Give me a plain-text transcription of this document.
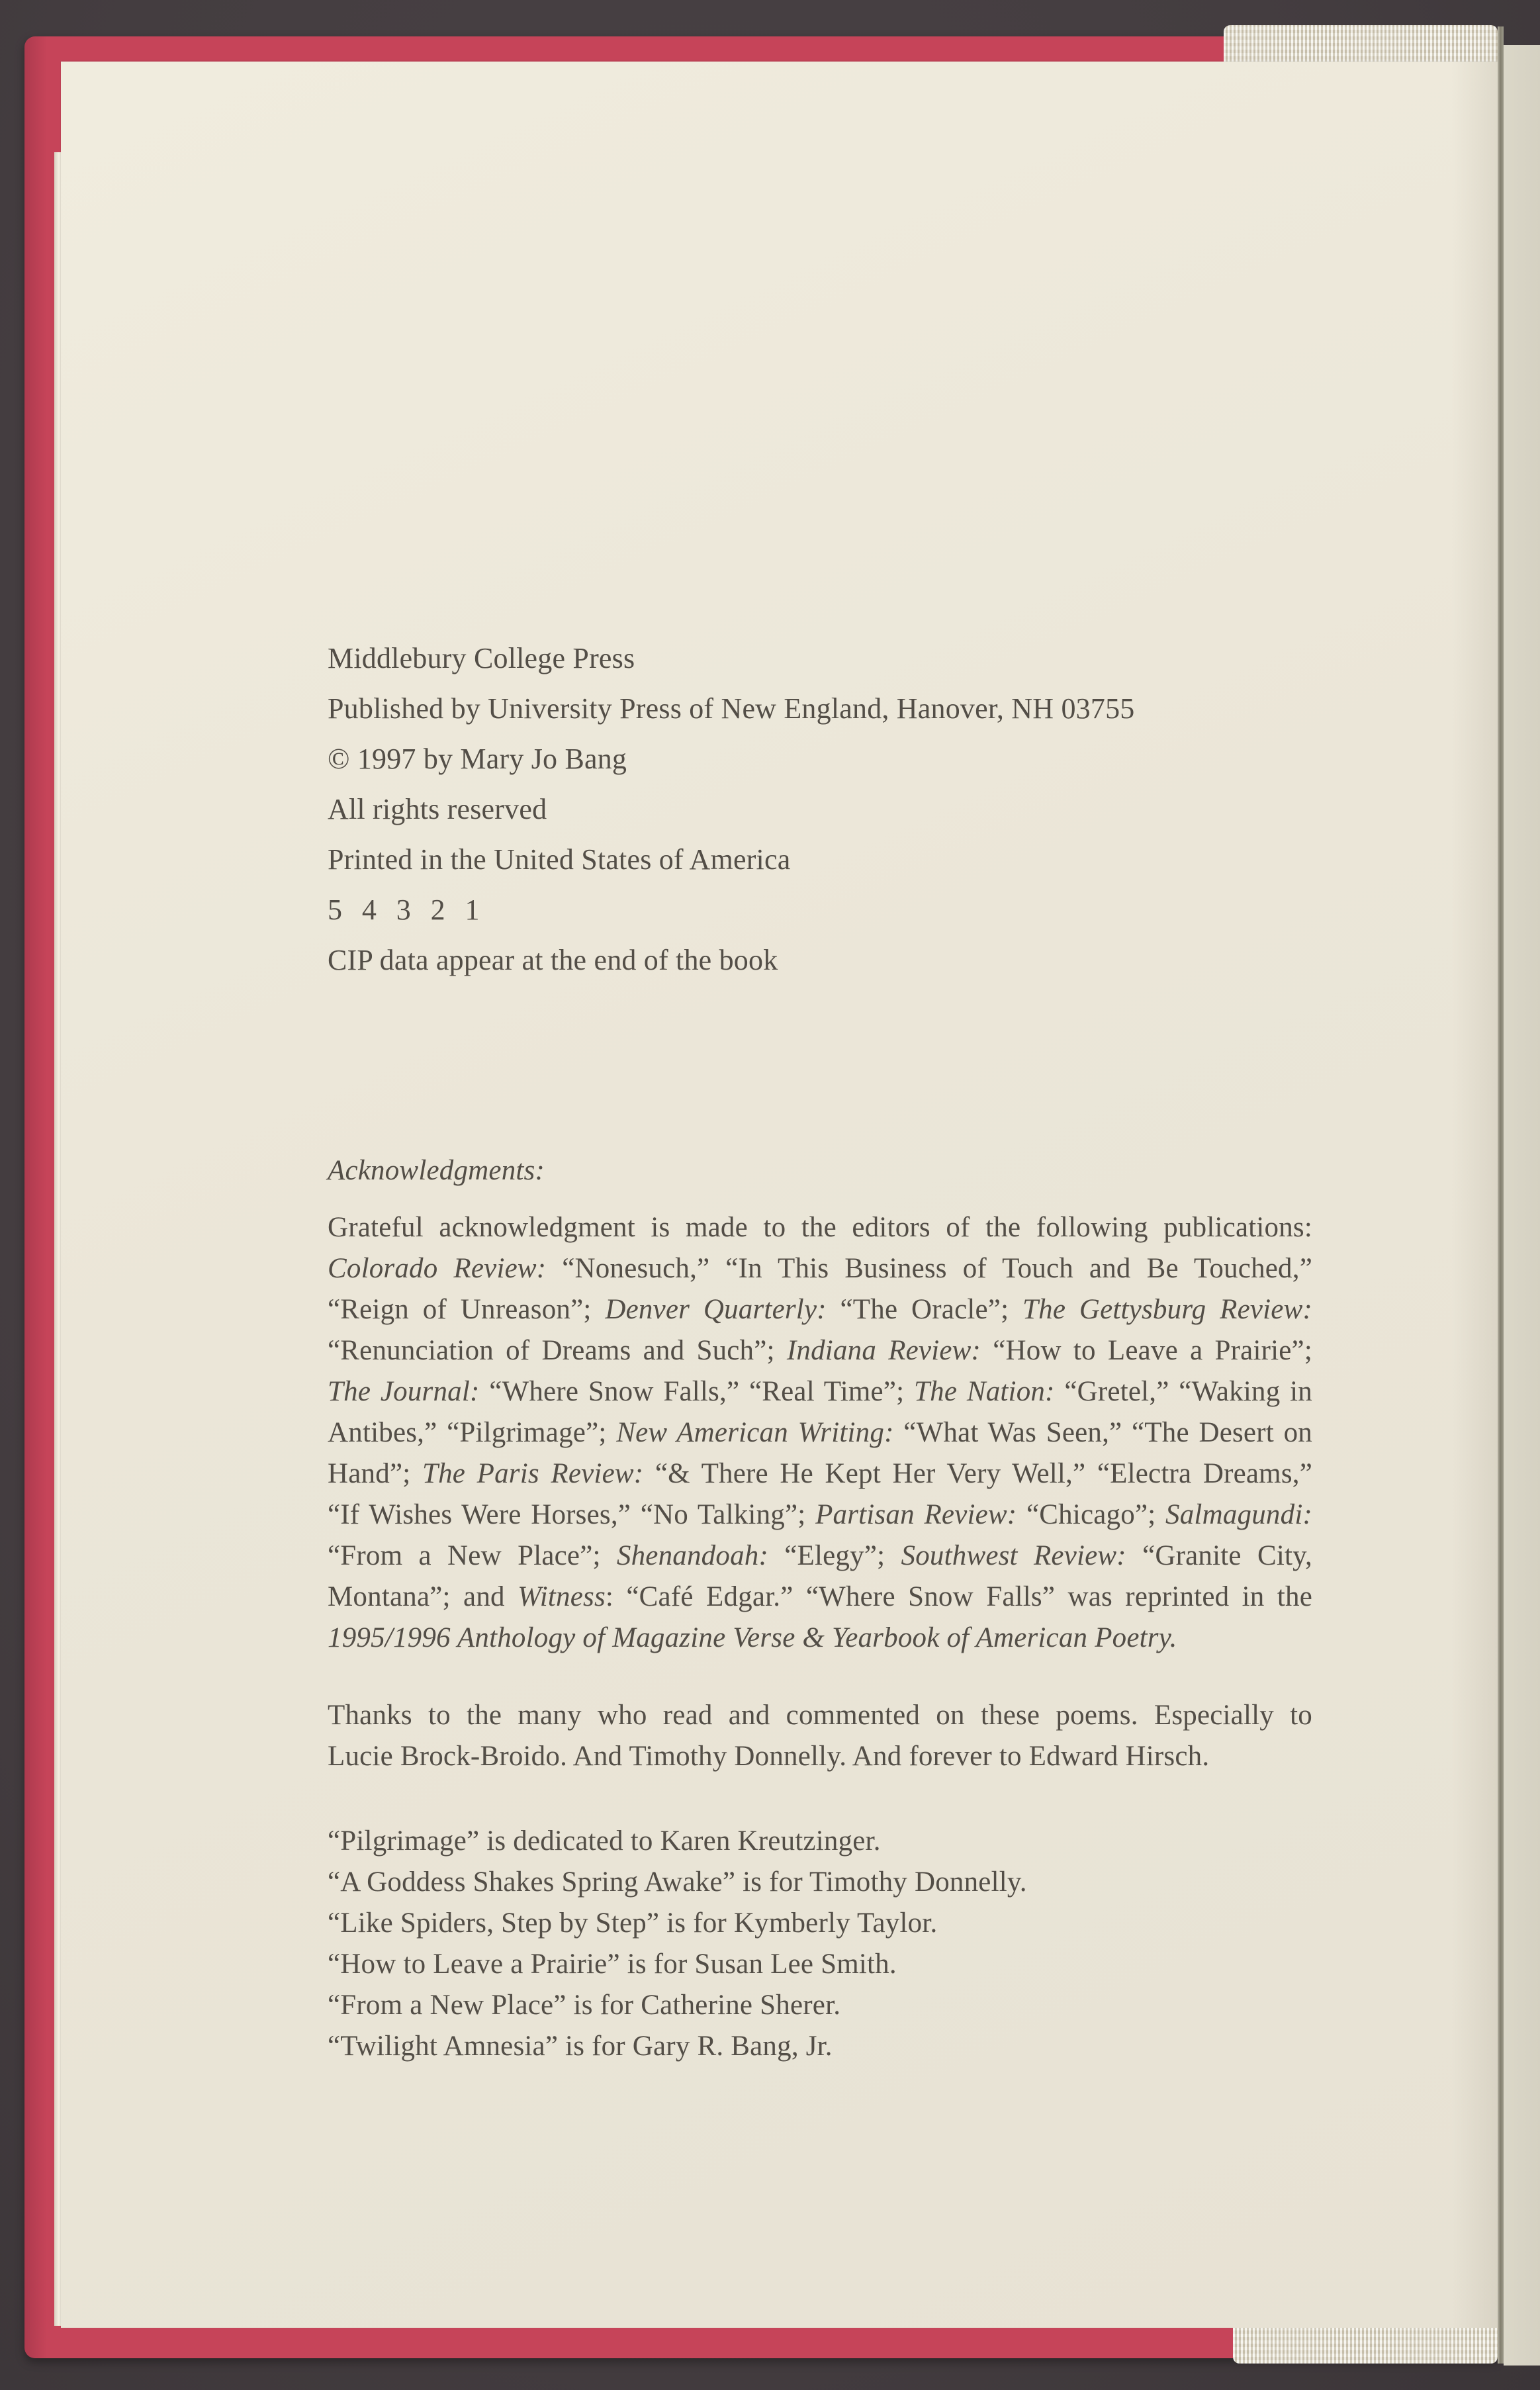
Middlebury College Press
Published by University Press of New England, Hanover, NH 03755
© 1997 by Mary Jo Bang
All rights reserved
Printed in the United States of America
5 4 3 2 1
CIP data appear at the end of the book
Acknowledgments:
Grateful acknowledgment is made to the editors of the following publications:
Colorado Review: “Nonesuch,” “In This Business of Touch and Be Touched,”
“Reign of Unreason”; Denver Quarterly: “The Oracle”; The Gettysburg Review:
“Renunciation of Dreams and Such”; Indiana Review: “How to Leave a Prairie”;
The Journal: “Where Snow Falls,” “Real Time”; The Nation: “Gretel,” “Waking in
Antibes,” “Pilgrimage”; New American Writing: “What Was Seen,” “The Desert on
Hand”; The Paris Review: “& There He Kept Her Very Well,” “Electra Dreams,”
“If Wishes Were Horses,” “No Talking”; Partisan Review: “Chicago”; Salmagundi:
“From a New Place”; Shenandoah: “Elegy”; Southwest Review: “Granite City,
Montana”; and Witness: “Café Edgar.” “Where Snow Falls” was reprinted in the
1995/1996 Anthology of Magazine Verse & Yearbook of American Poetry.
Thanks to the many who read and commented on these poems. Especially to
Lucie Brock-Broido. And Timothy Donnelly. And forever to Edward Hirsch.
“Pilgrimage” is dedicated to Karen Kreutzinger.
“A Goddess Shakes Spring Awake” is for Timothy Donnelly.
“Like Spiders, Step by Step” is for Kymberly Taylor.
“How to Leave a Prairie” is for Susan Lee Smith.
“From a New Place” is for Catherine Sherer.
“Twilight Amnesia” is for Gary R. Bang, Jr.
